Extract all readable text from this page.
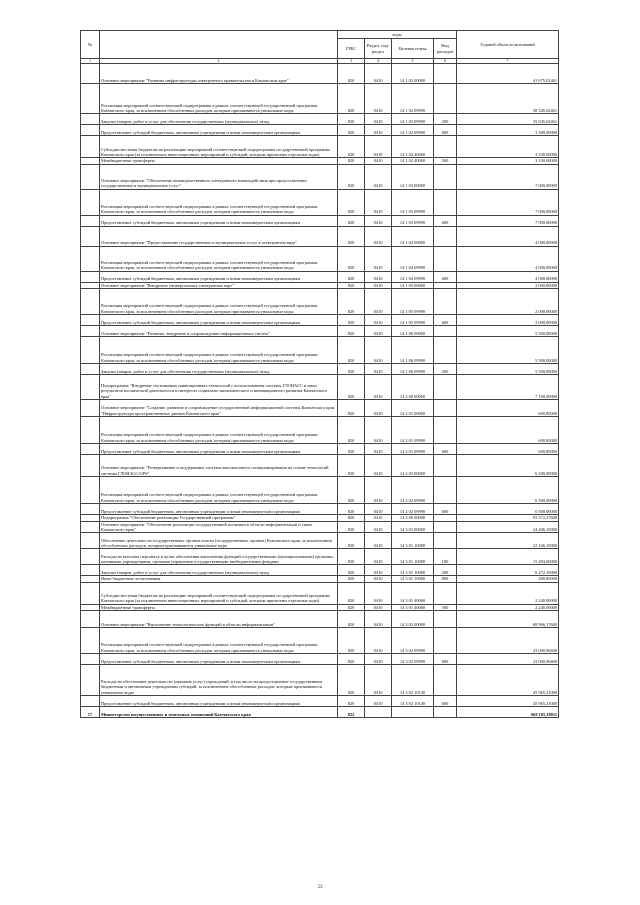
№		коды				Годовой объем ассигнований
		ГРБС	Раздел, под-раздел	Целевая статья	Вид расходов	
1	2	3	4	5	6	7
	Основное мероприятие "Развитие инфраструктуры электронного правительства в Камчатском крае"	820	0410	14 1 02 00000		41 675,02461
	Реализация мероприятий соответствующей подпрограммы в рамках соответствующей государственной программы Камчатского края, за исключением обособленных расходов, которым присваиваются уникальные коды	820	0410	14 1 02 09990		38 345,02461
	Закупка товаров, работ и услуг для обеспечения государственных (муниципальных) нужд	820	0410	14 1 02 09990	200	35 045,02461
	Предоставление субсидий бюджетным, автономным учреждениям и иным некоммерческим организациям	820	0410	14 1 02 09990	600	3 300,00000
	Субсидии местным бюджетам на реализацию мероприятий соответствующей подпрограммы государственной программы Камчатского края (за исключением инвестиционных мероприятий и субсидий, которым присвоены отдельные коды)	820	0410	14 1 02 40060		3 330,00000
	Межбюджетные трансферты	820	0410	14 1 02 40060	500	3 330,00000
	Основное мероприятие "Обеспечение межведомственного электронного взаимодействия при предоставлении государственных и муниципальных услуг"	820	0410	14 1 03 00000		7 000,00000
	Реализация мероприятий соответствующей подпрограммы в рамках соответствующей государственной программы Камчатского края, за исключением обособленных расходов, которым присваиваются уникальные коды	820	0410	14 1 03 09990		7 000,00000
	Предоставление субсидий бюджетным, автономным учреждениям и иным некоммерческим организациям	820	0410	14 1 03 09990	600	7 000,00000
	Основное мероприятие "Предоставление государственных и муниципальных услуг в электронном виде"	820	0410	14 1 04 00000		4 000,00000
	Реализация мероприятий соответствующей подпрограммы в рамках соответствующей государственной программы Камчатского края, за исключением обособленных расходов, которым присваиваются уникальные коды	820	0410	14 1 04 09990		4 000,00000
	Предоставление субсидий бюджетным, автономным учреждениям и иным некоммерческим организациям	820	0410	14 1 04 09990	600	4 000,00000
	Основное мероприятие "Внедрение универсальных электронных карт"	820	0410	14 1 05 00000		2 000,00000
	Реализация мероприятий соответствующей подпрограммы в рамках соответствующей государственной программы Камчатского края, за исключением обособленных расходов, которым присваиваются уникальные коды	820	0410	14 1 05 09990		2 000,00000
	Предоставление субсидий бюджетным, автономным учреждениям и иным некоммерческим организациям	820	0410	14 1 05 09990	600	2 000,00000
	Основное мероприятие "Развитие, внедрение и сопровождение информационных систем"	820	0410	14 1 06 00000		5 500,00000
	Реализация мероприятий соответствующей подпрограммы в рамках соответствующей государственной программы Камчатского края, за исключением обособленных расходов, которым присваиваются уникальные коды	820	0410	14 1 06 09990		5 500,00000
	Закупка товаров, работ и услуг для обеспечения государственных (муниципальных) нужд	820	0410	14 1 06 09990	200	5 500,00000
	Подпрограмма "Внедрение спутниковых навигационных технологий с использованием системы ГЛОНАСС и иных результатов космической деятельности в интересах социально-экономического и инновационного развития Камчатского края"	820	0410	14 2 00 00000		7 100,00000
	Основное мероприятие "Создание, развитие и сопровождение государственной информационной системы Камчатского края "Инфраструктура пространственных данных Камчатского края"	820	0410	14 2 01 00000		600,00000
	Реализация мероприятий соответствующей подпрограммы в рамках соответствующей государственной программы Камчатского края, за исключением обособленных расходов, которым присваиваются уникальные коды	820	0410	14 2 01 09990		600,00000
	Предоставление субсидий бюджетным, автономным учреждениям и иным некоммерческим организациям	820	0410	14 2 01 09990	600	600,00000
	Основное мероприятие "Развертывание и поддержание системы высокоточного позиционирования на основе технологий системы ГЛОНАСС/GPS"	820	0410	14 2 02 00000		6 500,00000
	Реализация мероприятий соответствующей подпрограммы в рамках соответствующей государственной программы Камчатского края, за исключением обособленных расходов, которым присваиваются уникальные коды	820	0410	14 2 02 09990		6 500,00000
	Предоставление субсидий бюджетным, автономным учреждениям и иным некоммерческим организациям	820	0410	14 2 02 09990	600	6 500,00000
	Подпрограмма "Обеспечение реализации Государственной программы"	820	0410	14 3 00 00000		93 372,27600
	Основное мероприятие "Обеспечение реализации государственной политики в области информатизации и связи Камчатского края"	820	0410	14 3 01 00000		24 406,10000
	Обеспечение деятельности государственных органов власти (государственных органов) Камчатского края, за исключением обособленных расходов, которым присваиваются уникальные коды	820	0410	14 3 01 10000		22 166,10000
	Расходы на выплаты персоналу в целях обеспечения выполнения функций государственными (муниципальными) органами, казенными учреждениями, органами управления государственными внебюджетными фондами	820	0410	14 3 01 10000	100	15 494,00000
	Закупка товаров, работ и услуг для обеспечения государственных (муниципальных) нужд	820	0410	14 3 01 10000	200	6 272,10000
	Иные бюджетные ассигнования	820	0410	14 3 01 10000	800	400,00000
	Субсидии местным бюджетам на реализацию мероприятий соответствующей подпрограммы государственной программы Камчатского края (за исключением инвестиционных мероприятий и субсидий, которым присвоены отдельные коды)	820	0410	14 3 01 40060		2 240,00000
	Межбюджетные трансферты	820	0410	14 3 01 40060	500	2 240,00000
	Основное мероприятие "Выполнение технологических функций в области информатизации"	820	0410	14 3 02 00000		68 966,17600
	Реализация мероприятий соответствующей подпрограммы в рамках соответствующей государственной программы Камчатского края, за исключением обособленных расходов, которым присваиваются уникальные коды	820	0410	14 3 02 09990		23 000,96600
	Предоставление субсидий бюджетным, автономным учреждениям и иным некоммерческим организациям	820	0410	14 3 02 09990	600	23 000,96600
	Расходы на обеспечение деятельности (оказание услуг) учреждений, в том числе на предоставление государственным бюджетным и автономным учреждениям субсидий, за исключением обособленных расходов, которым присваиваются уникальные коды	820	0410	14 3 02 10140		45 965,21000
	Предоставление субсидий бюджетным, автономным учреждениям и иным некоммерческим организациям	820	0410	14 3 02 10140	600	45 965,21000
17	Министерство имущественных и земельных отношений Камчатского края	822				668 165,38011
53
